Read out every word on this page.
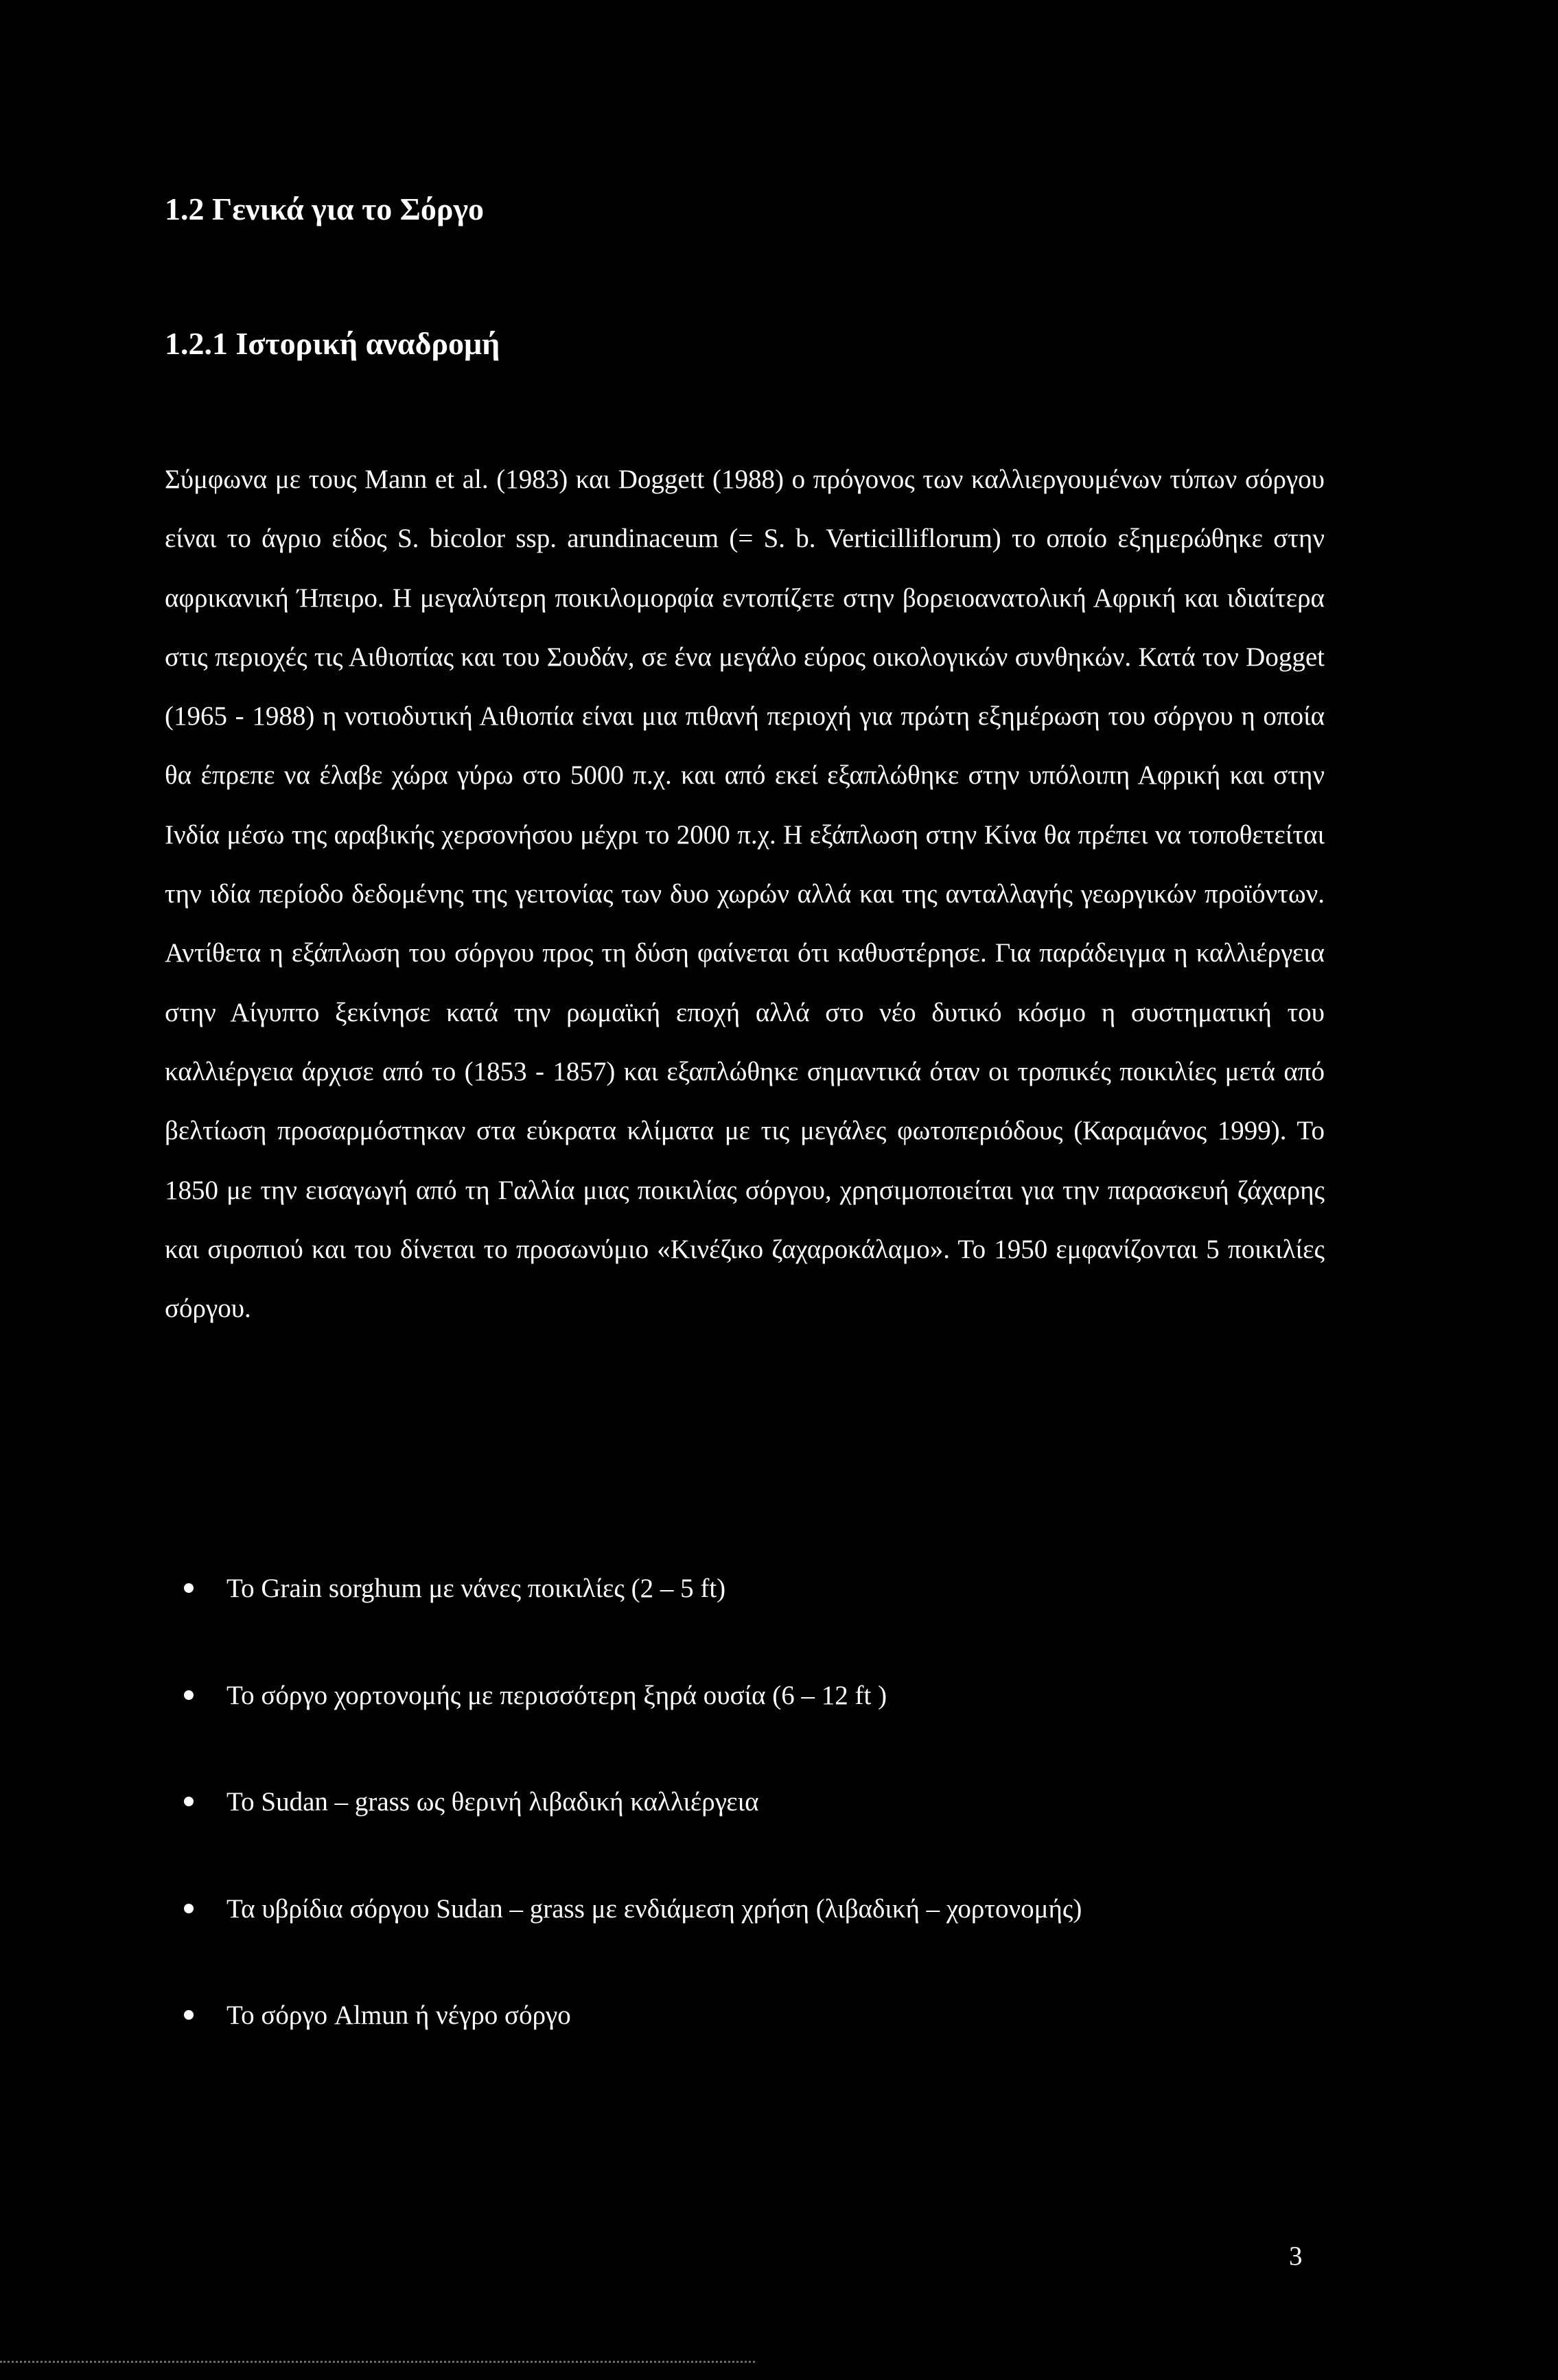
1.2 Γενικά για το Σόργο
1.2.1 Ιστορική αναδρομή

Σύμφωνα με τους Mann et al. (1983) και Doggett (1988) ο πρόγονος των καλλιεργουμένων τύπων σόργου είναι το άγριο είδος S. bicolor ssp. arundinaceum (= S. b. Verticilliflorum) το οποίο εξημερώθηκε στην αφρικανική Ήπειρο. Η μεγαλύτερη ποικιλομορφία εντοπίζετε στην βορειοανατολική Αφρική και ιδιαίτερα στις περιοχές τις Αιθιοπίας και του Σουδάν, σε ένα μεγάλο εύρος οικολογικών συνθηκών. Κατά τον Dogget (1965 - 1988) η νοτιοδυτική Αιθιοπία είναι μια πιθανή περιοχή για πρώτη εξημέρωση του σόργου η οποία θα έπρεπε να έλαβε χώρα γύρω στο 5000 π.χ. και από εκεί εξαπλώθηκε στην υπόλοιπη Αφρική και στην Ινδία μέσω της αραβικής χερσονήσου μέχρι το 2000 π.χ. Η εξάπλωση στην Κίνα θα πρέπει να τοποθετείται την ιδία περίοδο δεδομένης της γειτονίας των δυο χωρών αλλά και της ανταλλαγής γεωργικών προϊόντων. Αντίθετα η εξάπλωση του σόργου προς τη δύση φαίνεται ότι καθυστέρησε. Για παράδειγμα η καλλιέργεια στην Αίγυπτο ξεκίνησε κατά την ρωμαϊκή εποχή αλλά στο νέο δυτικό κόσμο η συστηματική του καλλιέργεια άρχισε από το (1853 - 1857) και εξαπλώθηκε σημαντικά όταν οι τροπικές ποικιλίες μετά από βελτίωση προσαρμόστηκαν στα εύκρατα κλίματα με τις μεγάλες φωτοπεριόδους (Καραμάνος 1999). Το 1850 με την εισαγωγή από τη Γαλλία μιας ποικιλίας σόργου, χρησιμοποιείται για την παρασκευή ζάχαρης και σιροπιού και του δίνεται το προσωνύμιο «Κινέζικο ζαχαροκάλαμο». Το 1950 εμφανίζονται 5 ποικιλίες σόργου.

Το Grain sorghum με νάνες ποικιλίες (2 – 5 ft)
Το σόργο χορτονομής με περισσότερη ξηρά ουσία (6 – 12 ft )
Το Sudan – grass ως θερινή λιβαδική καλλιέργεια
Τα υβρίδια σόργου Sudan – grass με ενδιάμεση χρήση (λιβαδική – χορτονομής)
Το σόργο Almun ή νέγρο σόργο
3
